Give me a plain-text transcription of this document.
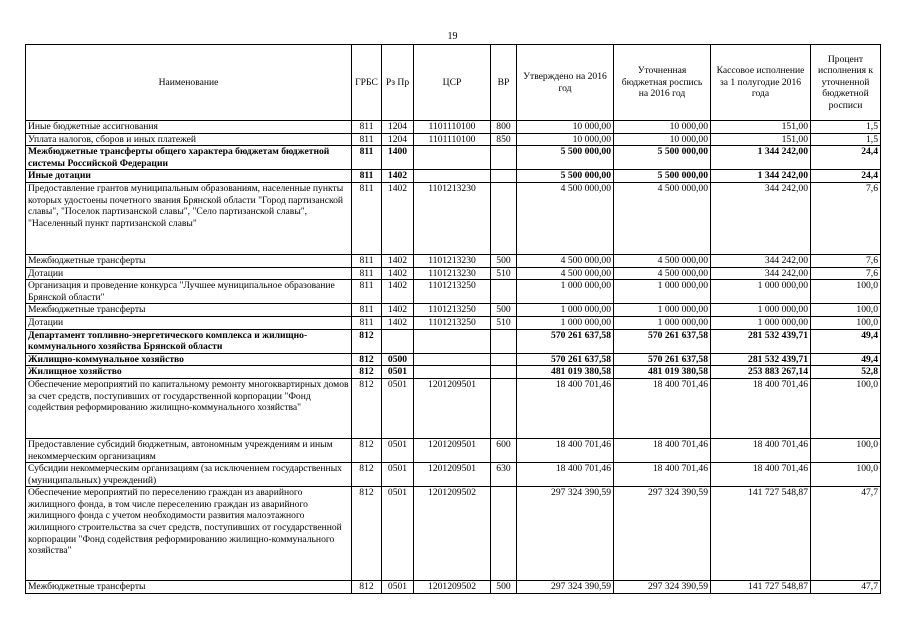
19
Наименование	ГРБС	Рз Пр	ЦСР	ВР	Утверждено на 2016 год	Уточненная бюджетная роспись на 2016 год	Кассовое исполнение за 1 полугодие 2016 года	Процент исполнения к уточненной бюджетной росписи
Иные бюджетные ассигнования	811	1204	1101110100	800	10 000,00	10 000,00	151,00	1,5
Уплата налогов, сборов и иных платежей	811	1204	1101110100	850	10 000,00	10 000,00	151,00	1,5
Межбюджетные трансферты общего характера бюджетам бюджетной системы Российской Федерации	811	1400			5 500 000,00	5 500 000,00	1 344 242,00	24,4
Иные дотации	811	1402			5 500 000,00	5 500 000,00	1 344 242,00	24,4
Предоставление грантов муниципальным образованиям, населенные пункты которых удостоены почетного звания Брянской области "Город партизанской славы", "Поселок партизанской славы", "Село партизанской славы", "Населенный пункт партизанской славы"	811	1402	1101213230		4 500 000,00	4 500 000,00	344 242,00	7,6
Межбюджетные трансферты	811	1402	1101213230	500	4 500 000,00	4 500 000,00	344 242,00	7,6
Дотации	811	1402	1101213230	510	4 500 000,00	4 500 000,00	344 242,00	7,6
Организация и проведение конкурса "Лучшее муниципальное образование Брянской области"	811	1402	1101213250		1 000 000,00	1 000 000,00	1 000 000,00	100,0
Межбюджетные трансферты	811	1402	1101213250	500	1 000 000,00	1 000 000,00	1 000 000,00	100,0
Дотации	811	1402	1101213250	510	1 000 000,00	1 000 000,00	1 000 000,00	100,0
Департамент топливно-энергетического комплекса и жилищно-коммунального хозяйства Брянской области	812				570 261 637,58	570 261 637,58	281 532 439,71	49,4
Жилищно-коммунальное хозяйство	812	0500			570 261 637,58	570 261 637,58	281 532 439,71	49,4
Жилищное хозяйство	812	0501			481 019 380,58	481 019 380,58	253 883 267,14	52,8
Обеспечение мероприятий по капитальному ремонту многоквартирных домов за счет средств, поступивших от государственной корпорации "Фонд содействия реформированию жилищно-коммунального хозяйства"	812	0501	1201209501		18 400 701,46	18 400 701,46	18 400 701,46	100,0
Предоставление субсидий бюджетным, автономным учреждениям и иным некоммерческим организациям	812	0501	1201209501	600	18 400 701,46	18 400 701,46	18 400 701,46	100,0
Субсидии некоммерческим организациям (за исключением государственных (муниципальных) учреждений)	812	0501	1201209501	630	18 400 701,46	18 400 701,46	18 400 701,46	100,0
Обеспечение мероприятий по переселению граждан из аварийного жилищного фонда, в том числе переселению граждан из аварийного жилищного фонда с учетом необходимости развития малоэтажного жилищного строительства за счет средств, поступивших от государственной корпорации "Фонд содействия реформированию жилищно-коммунального хозяйства"	812	0501	1201209502		297 324 390,59	297 324 390,59	141 727 548,87	47,7
Межбюджетные трансферты	812	0501	1201209502	500	297 324 390,59	297 324 390,59	141 727 548,87	47,7
